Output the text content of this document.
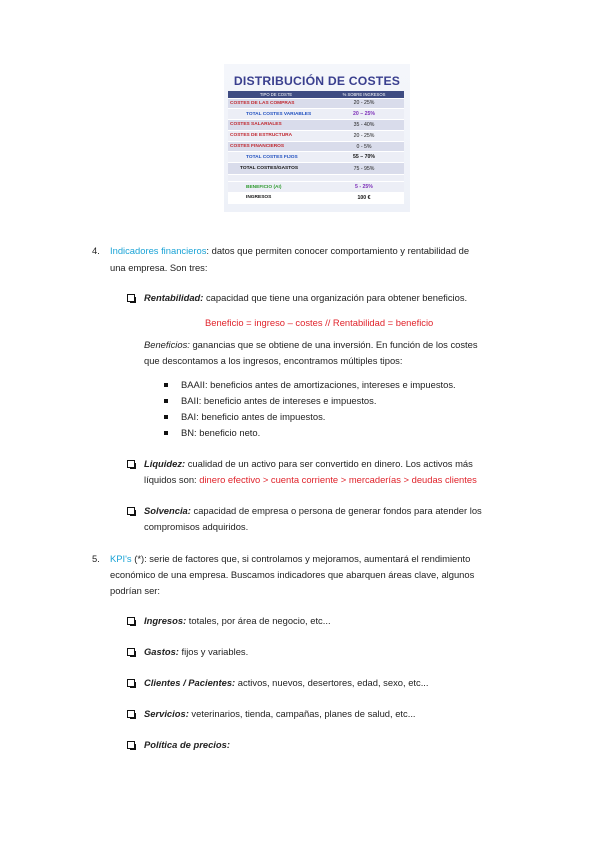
DISTRIBUCIÓN DE COSTES
TIPO DE COSTE	% SOBRE INGRESOS
COSTES DE LAS COMPRAS	20 - 25%
TOTAL COSTES VARIABLES	20 – 25%
COSTES SALARIALES	35 - 40%
COSTES DE ESTRUCTURA	20 - 25%
COSTES FINANCIEROS	0 - 5%
TOTAL COSTES FIJOS	55 – 70%
TOTAL COSTES/GASTOS	75 - 95%

BENEFICIO (AI)	5 - 25%
INGRESOS	100 €
4. Indicadores financieros: datos que permiten conocer comportamiento y rentabilidad de
una empresa. Son tres:
Rentabilidad: capacidad que tiene una organización para obtener beneficios.
Beneficio = ingreso – costes // Rentabilidad = beneficio
Beneficios: ganancias que se obtiene de una inversión. En función de los costes
que descontamos a los ingresos, encontramos múltiples tipos:
BAAII: beneficios antes de amortizaciones, intereses e impuestos.
BAII: beneficio antes de intereses e impuestos.
BAI: beneficio antes de impuestos.
BN: beneficio neto.
Liquidez: cualidad de un activo para ser convertido en dinero. Los activos más
líquidos son: dinero efectivo > cuenta corriente > mercaderías > deudas clientes
Solvencia: capacidad de empresa o persona de generar fondos para atender los
compromisos adquiridos.
5. KPI's (*): serie de factores que, si controlamos y mejoramos, aumentará el rendimiento
económico de una empresa. Buscamos indicadores que abarquen áreas clave, algunos
podrían ser:
Ingresos: totales, por área de negocio, etc...
Gastos: fijos y variables.
Clientes / Pacientes: activos, nuevos, desertores, edad, sexo, etc...
Servicios: veterinarios, tienda, campañas, planes de salud, etc...
Política de precios:
